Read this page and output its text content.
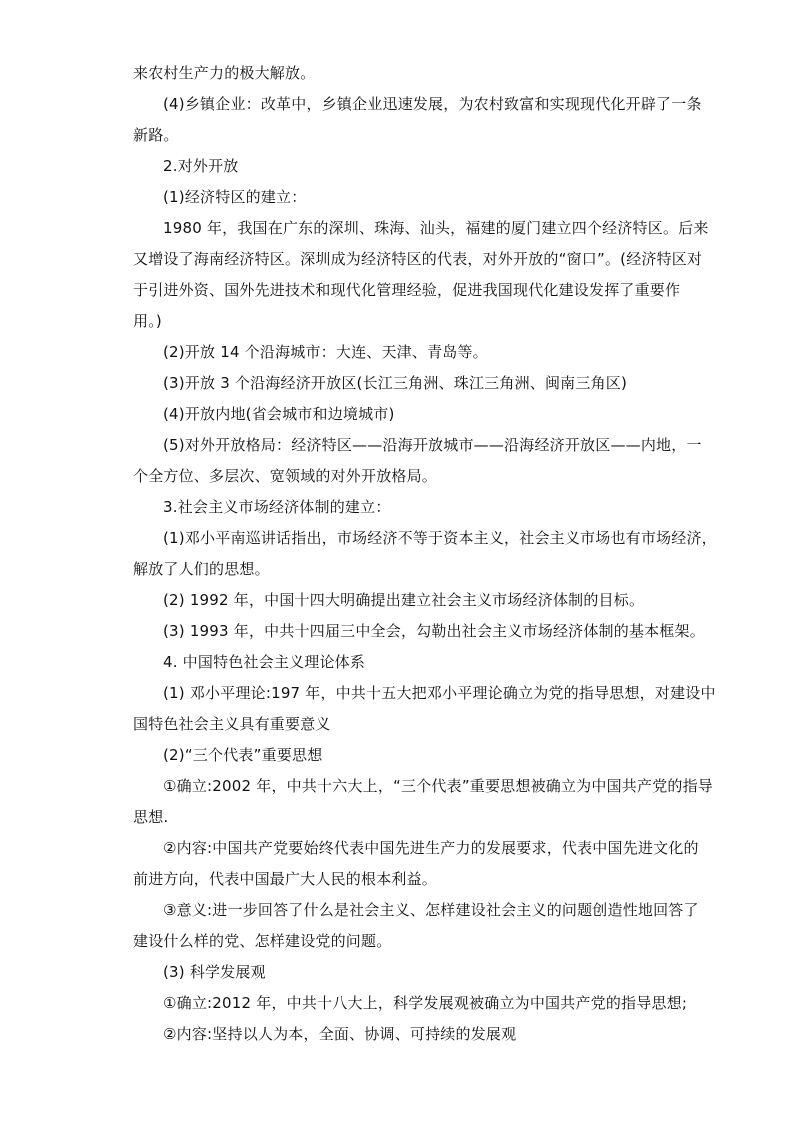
来农村生产力的极大解放。

(4)乡镇企业：改革中，乡镇企业迅速发展，为农村致富和实现现代化开辟了一条

新路。

2.对外开放

(1)经济特区的建立：

1980 年，我国在广东的深圳、珠海、汕头，福建的厦门建立四个经济特区。后来

又增设了海南经济特区。深圳成为经济特区的代表，对外开放的“窗口”。(经济特区对

于引进外资、国外先进技术和现代化管理经验，促进我国现代化建设发挥了重要作

用。)

(2)开放 14 个沿海城市：大连、天津、青岛等。

(3)开放 3 个沿海经济开放区(长江三角洲、珠江三角洲、闽南三角区)

(4)开放内地(省会城市和边境城市)

(5)对外开放格局：经济特区——沿海开放城市——沿海经济开放区——内地，一

个全方位、多层次、宽领域的对外开放格局。

3.社会主义市场经济体制的建立：

(1)邓小平南巡讲话指出，市场经济不等于资本主义，社会主义市场也有市场经济，

解放了人们的思想。

(2) 1992 年，中国十四大明确提出建立社会主义市场经济体制的目标。

(3) 1993 年，中共十四届三中全会，勾勒出社会主义市场经济体制的基本框架。

4. 中国特色社会主义理论体系

(1) 邓小平理论:197 年，中共十五大把邓小平理论确立为党的指导思想，对建设中

国特色社会主义具有重要意义

(2)“三个代表”重要思想

①确立:2002 年，中共十六大上，“三个代表”重要思想被确立为中国共产党的指导

思想.

②内容:中国共产党要始终代表中国先进生产力的发展要求，代表中国先进文化的

前进方向，代表中国最广大人民的根本利益。

③意义:进一步回答了什么是社会主义、怎样建设社会主义的问题创造性地回答了

建设什么样的党、怎样建设党的问题。

(3) 科学发展观

①确立:2012 年，中共十八大上，科学发展观被确立为中国共产党的指导思想;

②内容:坚持以人为本，全面、协调、可持续的发展观
